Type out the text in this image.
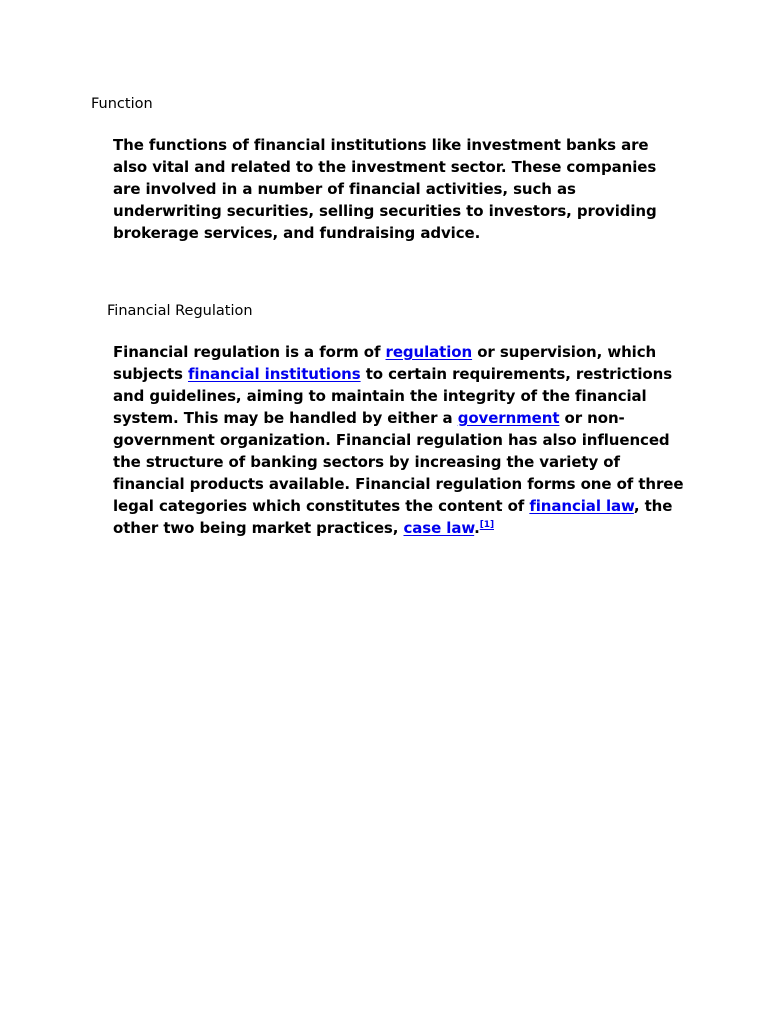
Function

The functions of financial institutions like investment banks are
also vital and related to the investment sector. These companies
are involved in a number of financial activities, such as
underwriting securities, selling securities to investors, providing
brokerage services, and fundraising advice.

Financial Regulation

Financial regulation is a form of regulation or supervision, which
subjects financial institutions to certain requirements, restrictions
and guidelines, aiming to maintain the integrity of the financial
system. This may be handled by either a government or non-
government organization. Financial regulation has also influenced
the structure of banking sectors by increasing the variety of
financial products available. Financial regulation forms one of three
legal categories which constitutes the content of financial law, the
other two being market practices, case law.[1]
